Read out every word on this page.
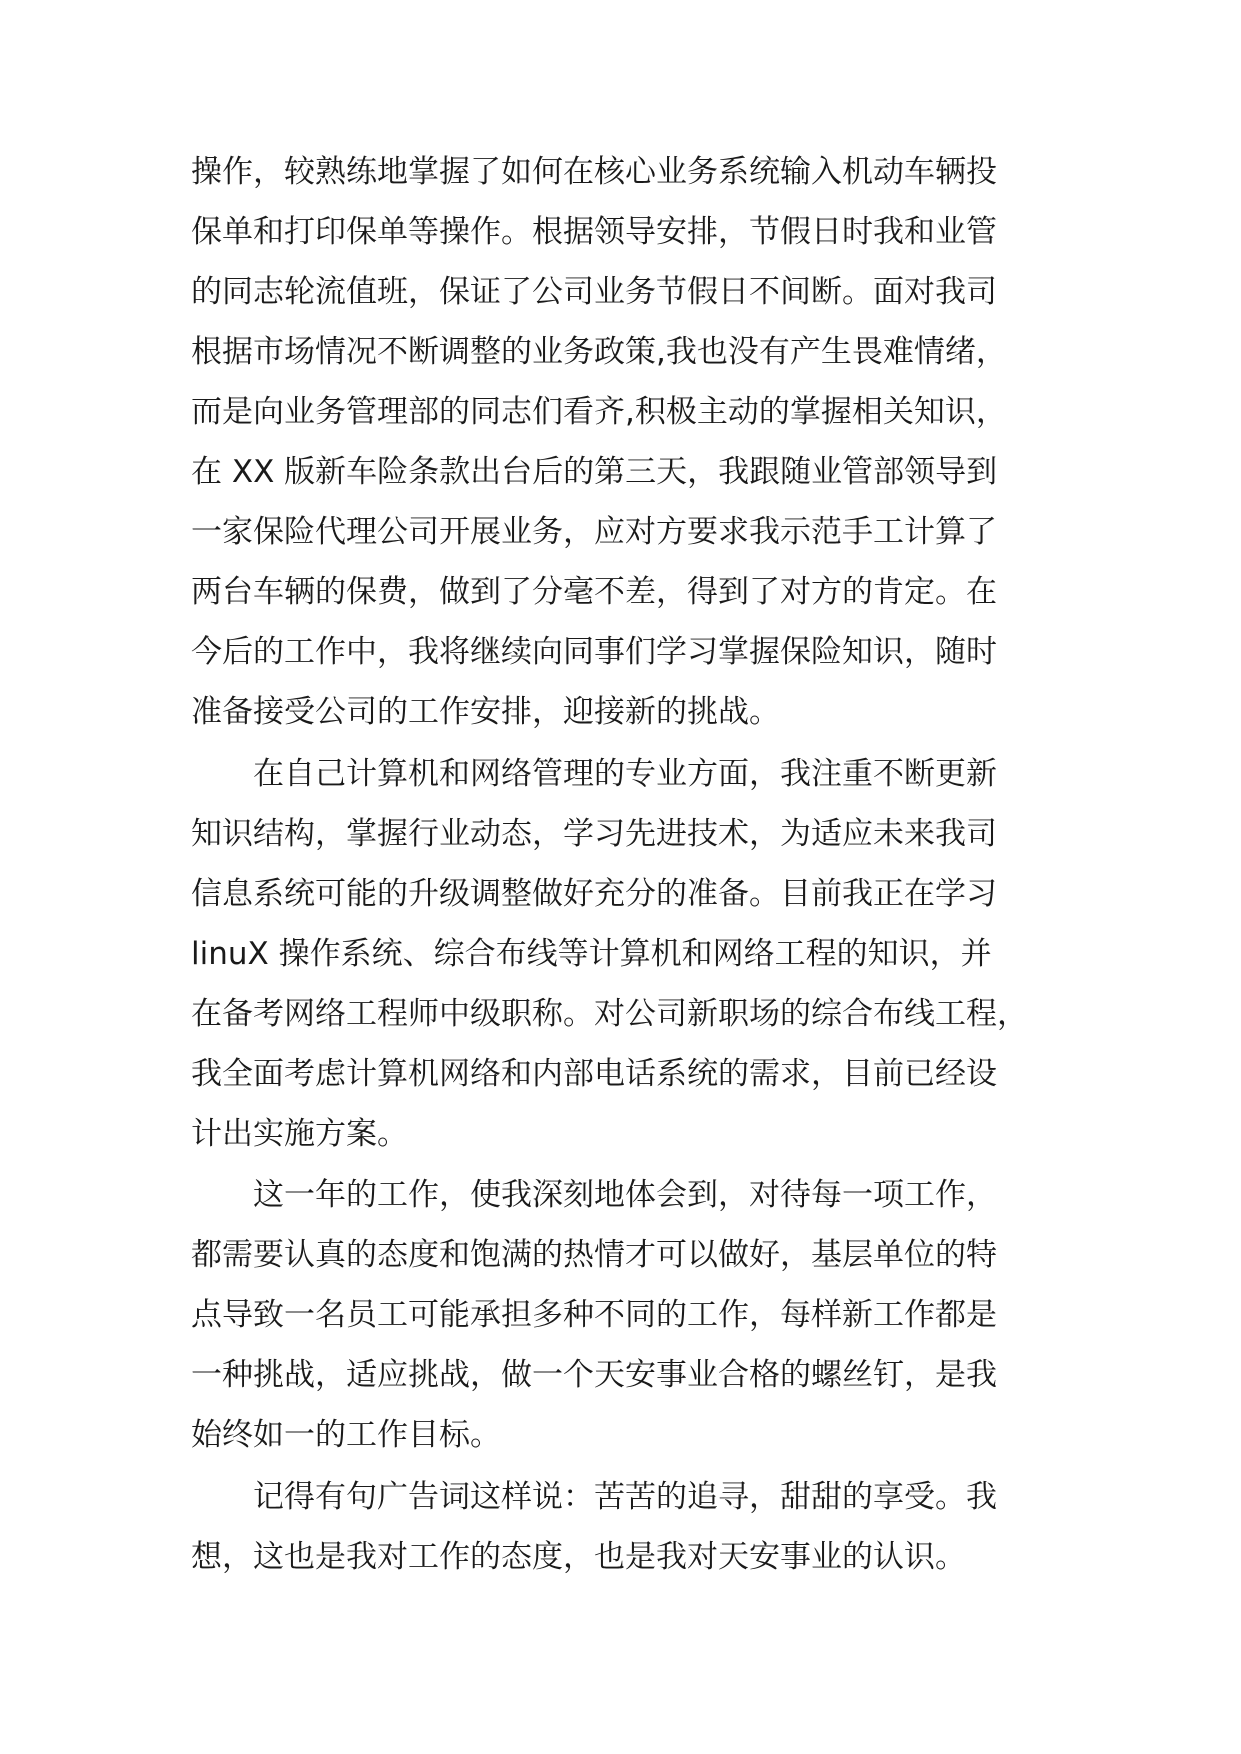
操作，较熟练地掌握了如何在核心业务系统输入机动车辆投
保单和打印保单等操作。根据领导安排，节假日时我和业管
的同志轮流值班，保证了公司业务节假日不间断。面对我司
根据市场情况不断调整的业务政策,我也没有产生畏难情绪，
而是向业务管理部的同志们看齐,积极主动的掌握相关知识，
在 XX 版新车险条款出台后的第三天，我跟随业管部领导到
一家保险代理公司开展业务，应对方要求我示范手工计算了
两台车辆的保费，做到了分毫不差，得到了对方的肯定。在
今后的工作中，我将继续向同事们学习掌握保险知识，随时
准备接受公司的工作安排，迎接新的挑战。
　　在自己计算机和网络管理的专业方面，我注重不断更新
知识结构，掌握行业动态，学习先进技术，为适应未来我司
信息系统可能的升级调整做好充分的准备。目前我正在学习
linuX 操作系统、综合布线等计算机和网络工程的知识，并
在备考网络工程师中级职称。对公司新职场的综合布线工程，
我全面考虑计算机网络和内部电话系统的需求，目前已经设
计出实施方案。
　　这一年的工作，使我深刻地体会到，对待每一项工作，
都需要认真的态度和饱满的热情才可以做好，基层单位的特
点导致一名员工可能承担多种不同的工作，每样新工作都是
一种挑战，适应挑战，做一个天安事业合格的螺丝钉，是我
始终如一的工作目标。
　　记得有句广告词这样说：苦苦的追寻，甜甜的享受。我
想，这也是我对工作的态度，也是我对天安事业的认识。
